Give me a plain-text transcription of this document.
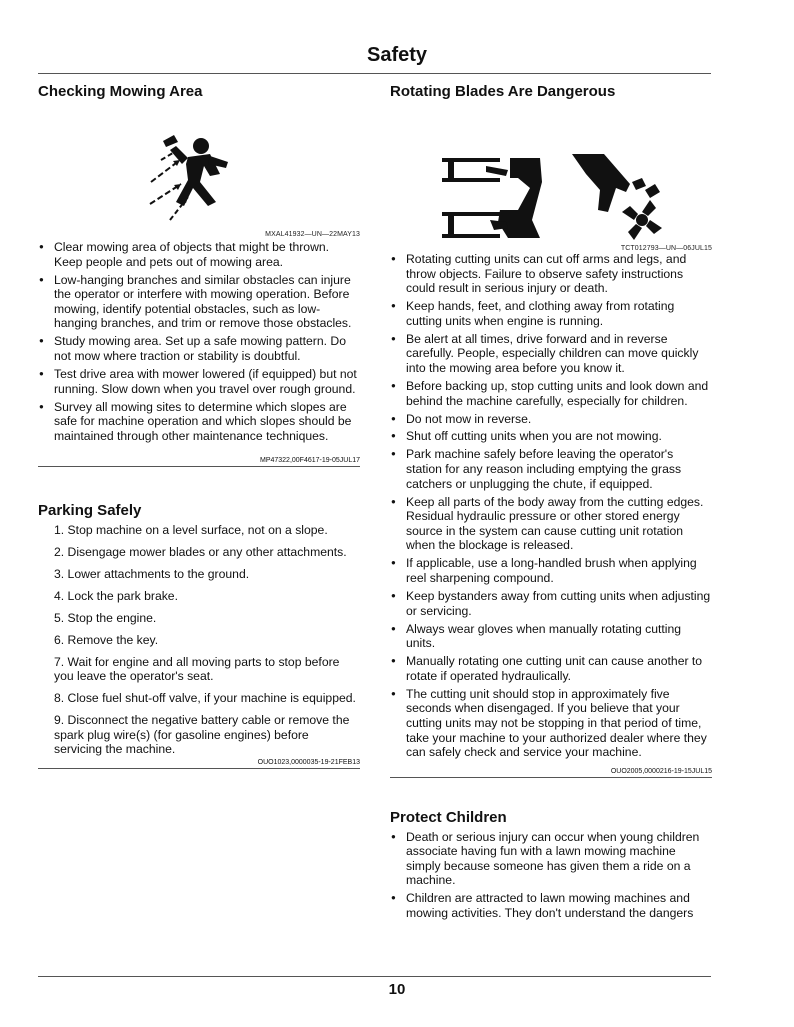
Safety
Checking Mowing Area
MXAL41932—UN—22MAY13
● Clear mowing area of objects that might be thrown. Keep people and pets out of mowing area.
● Low-hanging branches and similar obstacles can injure the operator or interfere with mowing operation. Before mowing, identify potential obstacles, such as low-hanging branches, and trim or remove those obstacles.
● Study mowing area. Set up a safe mowing pattern. Do not mow where traction or stability is doubtful.
● Test drive area with mower lowered (if equipped) but not running. Slow down when you travel over rough ground.
● Survey all mowing sites to determine which slopes are safe for machine operation and which slopes should be maintained through other maintenance techniques.
MP47322,00F4617-19-05JUL17
Parking Safely
1. Stop machine on a level surface, not on a slope.
2. Disengage mower blades or any other attachments.
3. Lower attachments to the ground.
4. Lock the park brake.
5. Stop the engine.
6. Remove the key.
7. Wait for engine and all moving parts to stop before you leave the operator's seat.
8. Close fuel shut-off valve, if your machine is equipped.
9. Disconnect the negative battery cable or remove the spark plug wire(s) (for gasoline engines) before servicing the machine.
OUO1023,0000035-19-21FEB13
Rotating Blades Are Dangerous
TCT012793—UN—06JUL15
● Rotating cutting units can cut off arms and legs, and throw objects. Failure to observe safety instructions could result in serious injury or death.
● Keep hands, feet, and clothing away from rotating cutting units when engine is running.
● Be alert at all times, drive forward and in reverse carefully. People, especially children can move quickly into the mowing area before you know it.
● Before backing up, stop cutting units and look down and behind the machine carefully, especially for children.
● Do not mow in reverse.
● Shut off cutting units when you are not mowing.
● Park machine safely before leaving the operator's station for any reason including emptying the grass catchers or unplugging the chute, if equipped.
● Keep all parts of the body away from the cutting edges. Residual hydraulic pressure or other stored energy source in the system can cause cutting unit rotation when the blockage is released.
● If applicable, use a long-handled brush when applying reel sharpening compound.
● Keep bystanders away from cutting units when adjusting or servicing.
● Always wear gloves when manually rotating cutting units.
● Manually rotating one cutting unit can cause another to rotate if operated hydraulically.
● The cutting unit should stop in approximately five seconds when disengaged. If you believe that your cutting units may not be stopping in that period of time, take your machine to your authorized dealer where they can safely check and service your machine.
OUO2005,0000216-19-15JUL15
Protect Children
● Death or serious injury can occur when young children associate having fun with a lawn mowing machine simply because someone has given them a ride on a machine.
● Children are attracted to lawn mowing machines and mowing activities. They don't understand the dangers
10
